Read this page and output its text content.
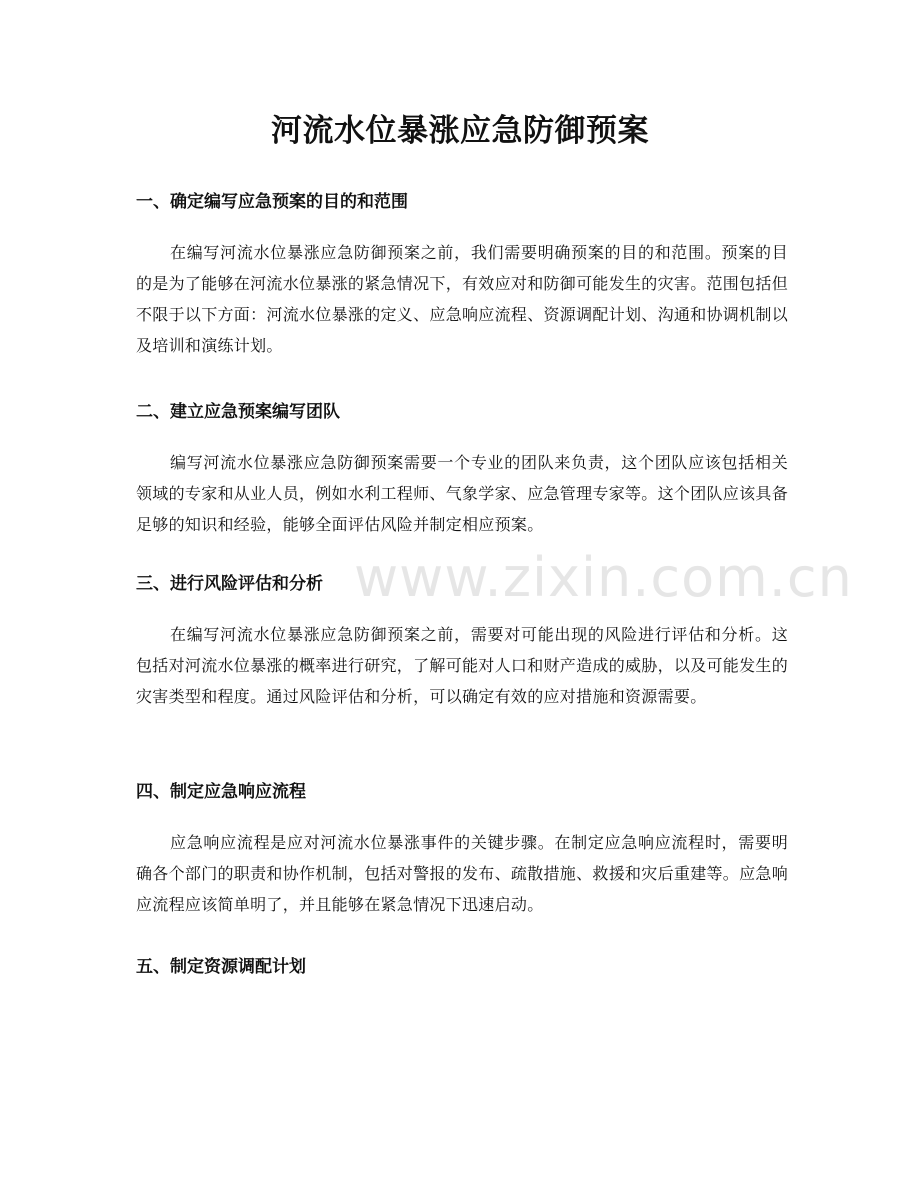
www.zixin.com.cn
河流水位暴涨应急防御预案
一、确定编写应急预案的目的和范围

在编写河流水位暴涨应急防御预案之前，我们需要明确预案的目的和范围。预案的目的是为了能够在河流水位暴涨的紧急情况下，有效应对和防御可能发生的灾害。范围包括但不限于以下方面：河流水位暴涨的定义、应急响应流程、资源调配计划、沟通和协调机制以及培训和演练计划。

二、建立应急预案编写团队

编写河流水位暴涨应急防御预案需要一个专业的团队来负责，这个团队应该包括相关领域的专家和从业人员，例如水利工程师、气象学家、应急管理专家等。这个团队应该具备足够的知识和经验，能够全面评估风险并制定相应预案。

三、进行风险评估和分析

在编写河流水位暴涨应急防御预案之前，需要对可能出现的风险进行评估和分析。这包括对河流水位暴涨的概率进行研究，了解可能对人口和财产造成的威胁，以及可能发生的灾害类型和程度。通过风险评估和分析，可以确定有效的应对措施和资源需要。

四、制定应急响应流程

应急响应流程是应对河流水位暴涨事件的关键步骤。在制定应急响应流程时，需要明确各个部门的职责和协作机制，包括对警报的发布、疏散措施、救援和灾后重建等。应急响应流程应该简单明了，并且能够在紧急情况下迅速启动。

五、制定资源调配计划
